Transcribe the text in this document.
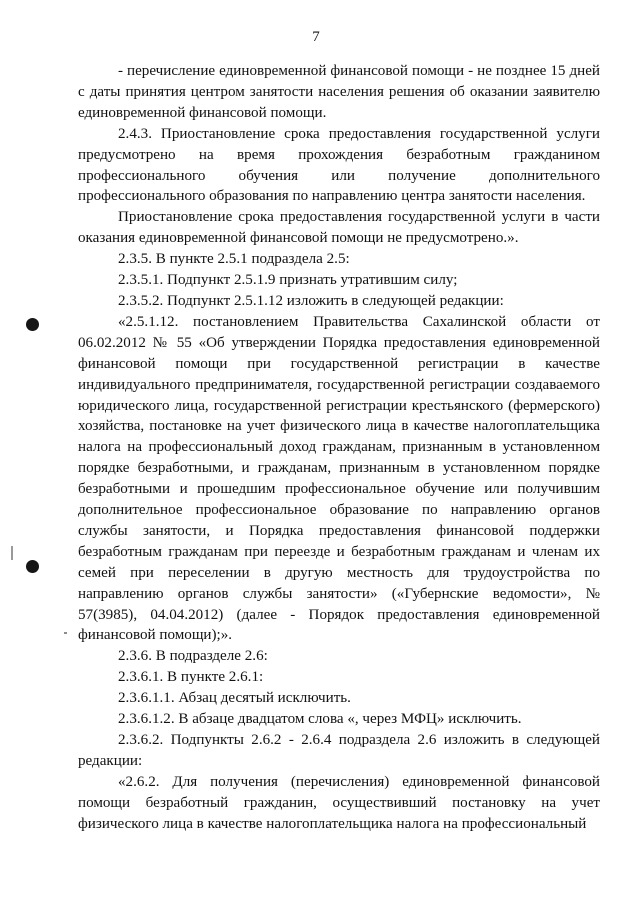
7

- перечисление единовременной финансовой помощи - не позднее 15 дней с даты принятия центром занятости населения решения об оказании заявителю единовременной финансовой помощи.

2.4.3. Приостановление срока предоставления государственной услуги предусмотрено на время прохождения безработным гражданином профессионального обучения или получение дополнительного профессионального образования по направлению центра занятости населения.

Приостановление срока предоставления государственной услуги в части оказания единовременной финансовой помощи не предусмотрено.».

2.3.5. В пункте 2.5.1 подраздела 2.5:

2.3.5.1. Подпункт 2.5.1.9 признать утратившим силу;

2.3.5.2. Подпункт 2.5.1.12 изложить в следующей редакции:

«2.5.1.12. постановлением Правительства Сахалинской области от 06.02.2012 № 55 «Об утверждении Порядка предоставления единовременной финансовой помощи при государственной регистрации в качестве индивидуального предпринимателя, государственной регистрации создаваемого юридического лица, государственной регистрации крестьянского (фермерского) хозяйства, постановке на учет физического лица в качестве налогоплательщика налога на профессиональный доход гражданам, признанным в установленном порядке безработными, и гражданам, признанным в установленном порядке безработными и прошедшим профессиональное обучение или получившим дополнительное профессиональное образование по направлению органов службы занятости, и Порядка предоставления финансовой поддержки безработным гражданам при переезде и безработным гражданам и членам их семей при переселении в другую местность для трудоустройства по направлению органов службы занятости» («Губернские ведомости», № 57(3985), 04.04.2012) (далее - Порядок предоставления единовременной финансовой помощи);».

2.3.6. В подразделе 2.6:

2.3.6.1. В пункте 2.6.1:

2.3.6.1.1. Абзац десятый исключить.

2.3.6.1.2. В абзаце двадцатом слова «, через МФЦ» исключить.

2.3.6.2. Подпункты 2.6.2 - 2.6.4 подраздела 2.6 изложить в следующей редакции:

«2.6.2. Для получения (перечисления) единовременной финансовой помощи безработный гражданин, осуществивший постановку на учет физического лица в качестве налогоплательщика налога на профессиональный
